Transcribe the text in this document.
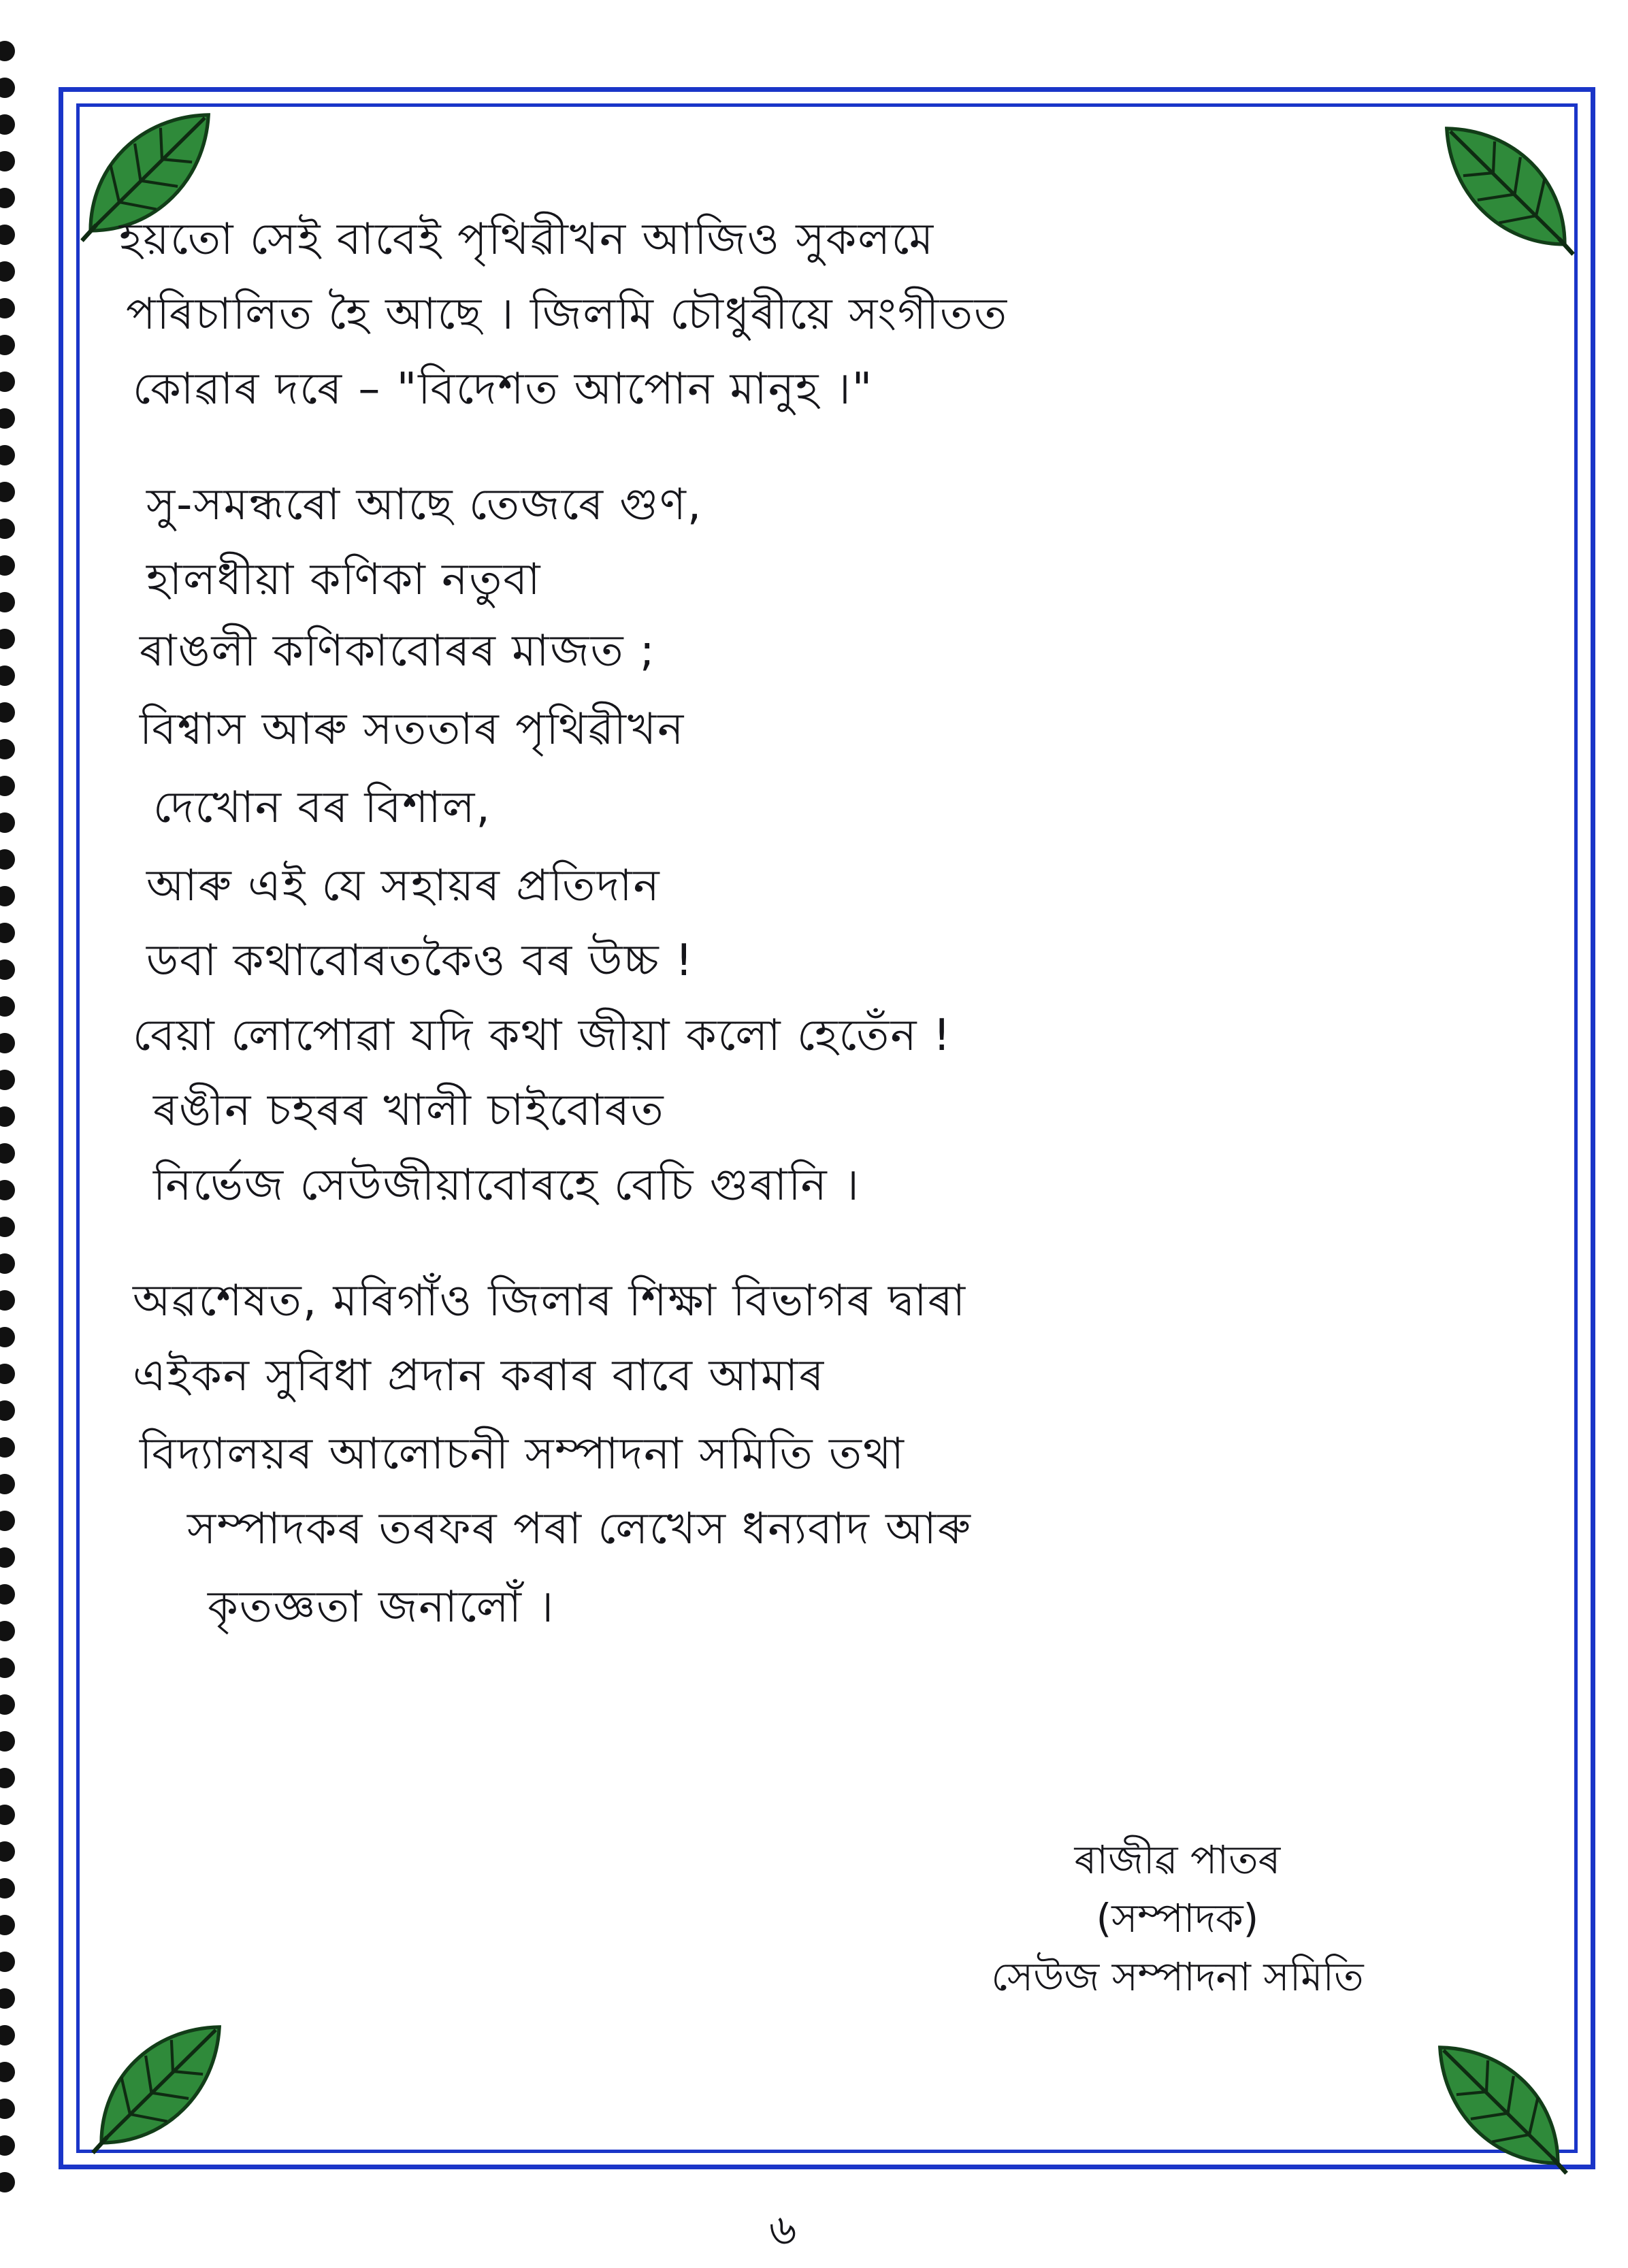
হয়তো সেই বাবেই পৃথিৱীখন আজিও সুকলমে
পৰিচালিত হৈ আছে । জিলমি চৌধুৰীয়ে সংগীতত
কোৱাৰ দৰে – "বিদেশত আপোন মানুহ ।"
সু-সমন্ধৰো আছে তেজৰে গুণ,
হালধীয়া কণিকা নতুবা
ৰাঙলী কণিকাবোৰৰ মাজত ;
বিশ্বাস আৰু সততাৰ পৃথিৱীখন
দেখোন বৰ বিশাল,
আৰু এই যে সহায়ৰ প্ৰতিদান
ডবা কথাবোৰতকৈও বৰ উচ্চ !
বেয়া লোপোৱা যদি কথা জীয়া কলো হেতেঁন !
ৰঙীন চহৰৰ খালী চাইবোৰত
নিৰ্ভেজ সেউজীয়াবোৰহে বেচি গুৰানি ।
অৱশেষত, মৰিগাঁও জিলাৰ শিক্ষা বিভাগৰ দ্বাৰা
এইকন সুবিধা প্ৰদান কৰাৰ বাবে আমাৰ
বিদ্যালয়ৰ আলোচনী সম্পাদনা সমিতি তথা
সম্পাদকৰ তৰফৰ পৰা লেখেস ধন্যবাদ আৰু
কৃতজ্ঞতা জনালোঁ ।
ৰাজীৱ পাতৰ
(সম্পাদক)
সেউজ সম্পাদনা সমিতি
৬
